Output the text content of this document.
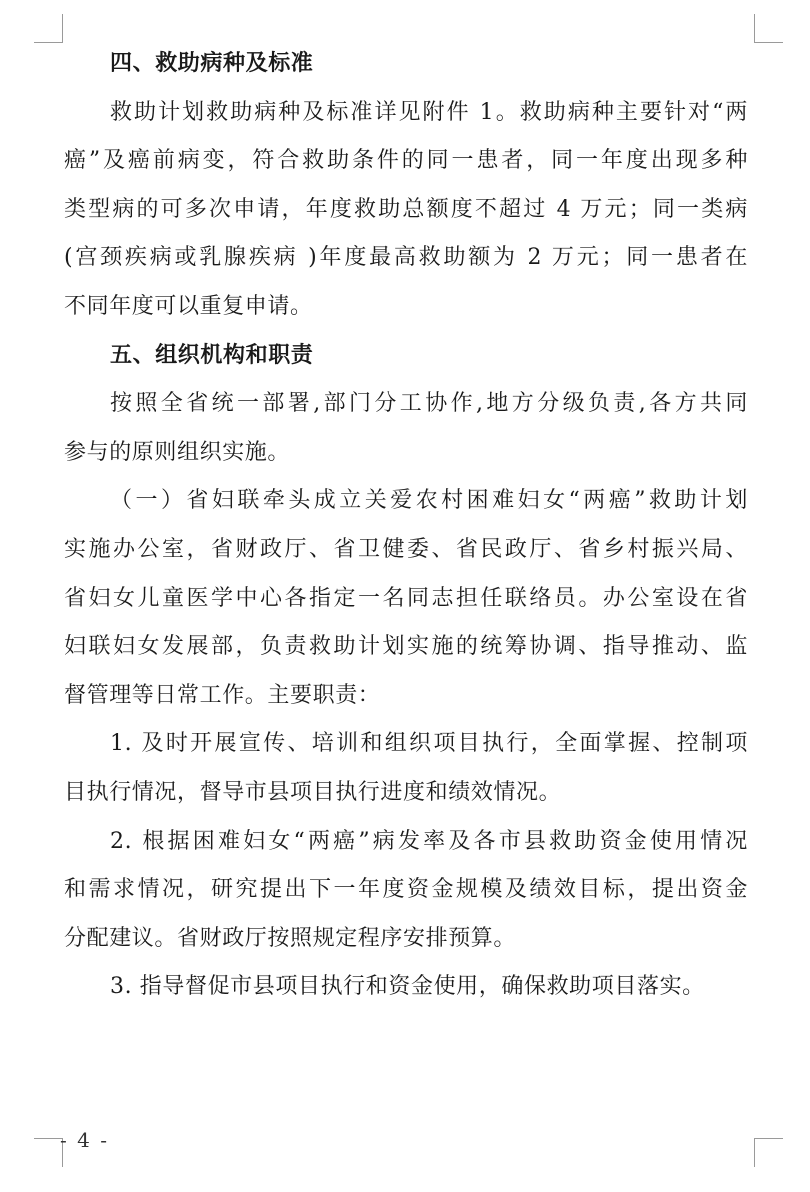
四、救助病种及标准
救助计划救助病种及标准详见附件 1。救助病种主要针对“两
癌”及癌前病变，符合救助条件的同一患者，同一年度出现多种
类型病的可多次申请，年度救助总额度不超过 4 万元；同一类病
(宫颈疾病或乳腺疾病 )年度最高救助额为 2 万元；同一患者在
不同年度可以重复申请。
五、组织机构和职责
按照全省统一部署,部门分工协作,地方分级负责,各方共同
参与的原则组织实施。
（一）省妇联牵头成立关爱农村困难妇女“两癌”救助计划
实施办公室，省财政厅、省卫健委、省民政厅、省乡村振兴局、
省妇女儿童医学中心各指定一名同志担任联络员。办公室设在省
妇联妇女发展部，负责救助计划实施的统筹协调、指导推动、监
督管理等日常工作。主要职责：
1. 及时开展宣传、培训和组织项目执行，全面掌握、控制项
目执行情况，督导市县项目执行进度和绩效情况。
2. 根据困难妇女“两癌”病发率及各市县救助资金使用情况
和需求情况，研究提出下一年度资金规模及绩效目标，提出资金
分配建议。省财政厅按照规定程序安排预算。
3. 指导督促市县项目执行和资金使用，确保救助项目落实。
- 4 -
